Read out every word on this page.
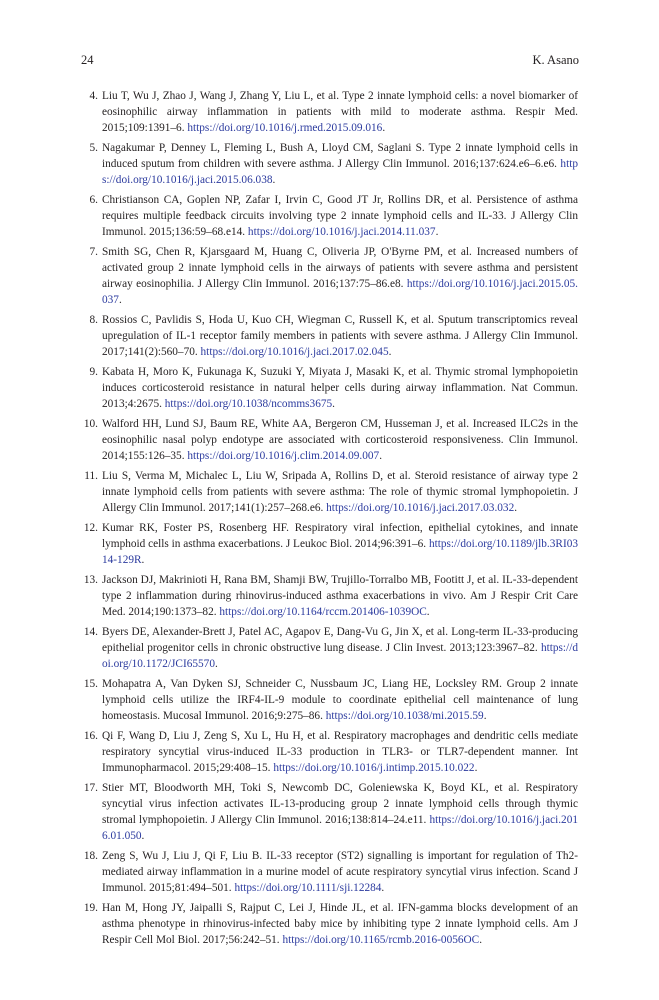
24	K. Asano
4. Liu T, Wu J, Zhao J, Wang J, Zhang Y, Liu L, et al. Type 2 innate lymphoid cells: a novel biomarker of eosinophilic airway inflammation in patients with mild to moderate asthma. Respir Med. 2015;109:1391–6. https://doi.org/10.1016/j.rmed.2015.09.016.
5. Nagakumar P, Denney L, Fleming L, Bush A, Lloyd CM, Saglani S. Type 2 innate lymphoid cells in induced sputum from children with severe asthma. J Allergy Clin Immunol. 2016;137:624.e6–6.e6. https://doi.org/10.1016/j.jaci.2015.06.038.
6. Christianson CA, Goplen NP, Zafar I, Irvin C, Good JT Jr, Rollins DR, et al. Persistence of asthma requires multiple feedback circuits involving type 2 innate lymphoid cells and IL-33. J Allergy Clin Immunol. 2015;136:59–68.e14. https://doi.org/10.1016/j.jaci.2014.11.037.
7. Smith SG, Chen R, Kjarsgaard M, Huang C, Oliveria JP, O'Byrne PM, et al. Increased numbers of activated group 2 innate lymphoid cells in the airways of patients with severe asthma and persistent airway eosinophilia. J Allergy Clin Immunol. 2016;137:75–86.e8. https://doi.org/10.1016/j.jaci.2015.05.037.
8. Rossios C, Pavlidis S, Hoda U, Kuo CH, Wiegman C, Russell K, et al. Sputum transcriptomics reveal upregulation of IL-1 receptor family members in patients with severe asthma. J Allergy Clin Immunol. 2017;141(2):560–70. https://doi.org/10.1016/j.jaci.2017.02.045.
9. Kabata H, Moro K, Fukunaga K, Suzuki Y, Miyata J, Masaki K, et al. Thymic stromal lymphopoietin induces corticosteroid resistance in natural helper cells during airway inflammation. Nat Commun. 2013;4:2675. https://doi.org/10.1038/ncomms3675.
10. Walford HH, Lund SJ, Baum RE, White AA, Bergeron CM, Husseman J, et al. Increased ILC2s in the eosinophilic nasal polyp endotype are associated with corticosteroid responsiveness. Clin Immunol. 2014;155:126–35. https://doi.org/10.1016/j.clim.2014.09.007.
11. Liu S, Verma M, Michalec L, Liu W, Sripada A, Rollins D, et al. Steroid resistance of airway type 2 innate lymphoid cells from patients with severe asthma: The role of thymic stromal lymphopoietin. J Allergy Clin Immunol. 2017;141(1):257–268.e6. https://doi.org/10.1016/j.jaci.2017.03.032.
12. Kumar RK, Foster PS, Rosenberg HF. Respiratory viral infection, epithelial cytokines, and innate lymphoid cells in asthma exacerbations. J Leukoc Biol. 2014;96:391–6. https://doi.org/10.1189/jlb.3RI0314-129R.
13. Jackson DJ, Makrinioti H, Rana BM, Shamji BW, Trujillo-Torralbo MB, Footitt J, et al. IL-33-dependent type 2 inflammation during rhinovirus-induced asthma exacerbations in vivo. Am J Respir Crit Care Med. 2014;190:1373–82. https://doi.org/10.1164/rccm.201406-1039OC.
14. Byers DE, Alexander-Brett J, Patel AC, Agapov E, Dang-Vu G, Jin X, et al. Long-term IL-33-producing epithelial progenitor cells in chronic obstructive lung disease. J Clin Invest. 2013;123:3967–82. https://doi.org/10.1172/JCI65570.
15. Mohapatra A, Van Dyken SJ, Schneider C, Nussbaum JC, Liang HE, Locksley RM. Group 2 innate lymphoid cells utilize the IRF4-IL-9 module to coordinate epithelial cell maintenance of lung homeostasis. Mucosal Immunol. 2016;9:275–86. https://doi.org/10.1038/mi.2015.59.
16. Qi F, Wang D, Liu J, Zeng S, Xu L, Hu H, et al. Respiratory macrophages and dendritic cells mediate respiratory syncytial virus-induced IL-33 production in TLR3- or TLR7-dependent manner. Int Immunopharmacol. 2015;29:408–15. https://doi.org/10.1016/j.intimp.2015.10.022.
17. Stier MT, Bloodworth MH, Toki S, Newcomb DC, Goleniewska K, Boyd KL, et al. Respiratory syncytial virus infection activates IL-13-producing group 2 innate lymphoid cells through thymic stromal lymphopoietin. J Allergy Clin Immunol. 2016;138:814–24.e11. https://doi.org/10.1016/j.jaci.2016.01.050.
18. Zeng S, Wu J, Liu J, Qi F, Liu B. IL-33 receptor (ST2) signalling is important for regulation of Th2-mediated airway inflammation in a murine model of acute respiratory syncytial virus infection. Scand J Immunol. 2015;81:494–501. https://doi.org/10.1111/sji.12284.
19. Han M, Hong JY, Jaipalli S, Rajput C, Lei J, Hinde JL, et al. IFN-gamma blocks development of an asthma phenotype in rhinovirus-infected baby mice by inhibiting type 2 innate lymphoid cells. Am J Respir Cell Mol Biol. 2017;56:242–51. https://doi.org/10.1165/rcmb.2016-0056OC.
